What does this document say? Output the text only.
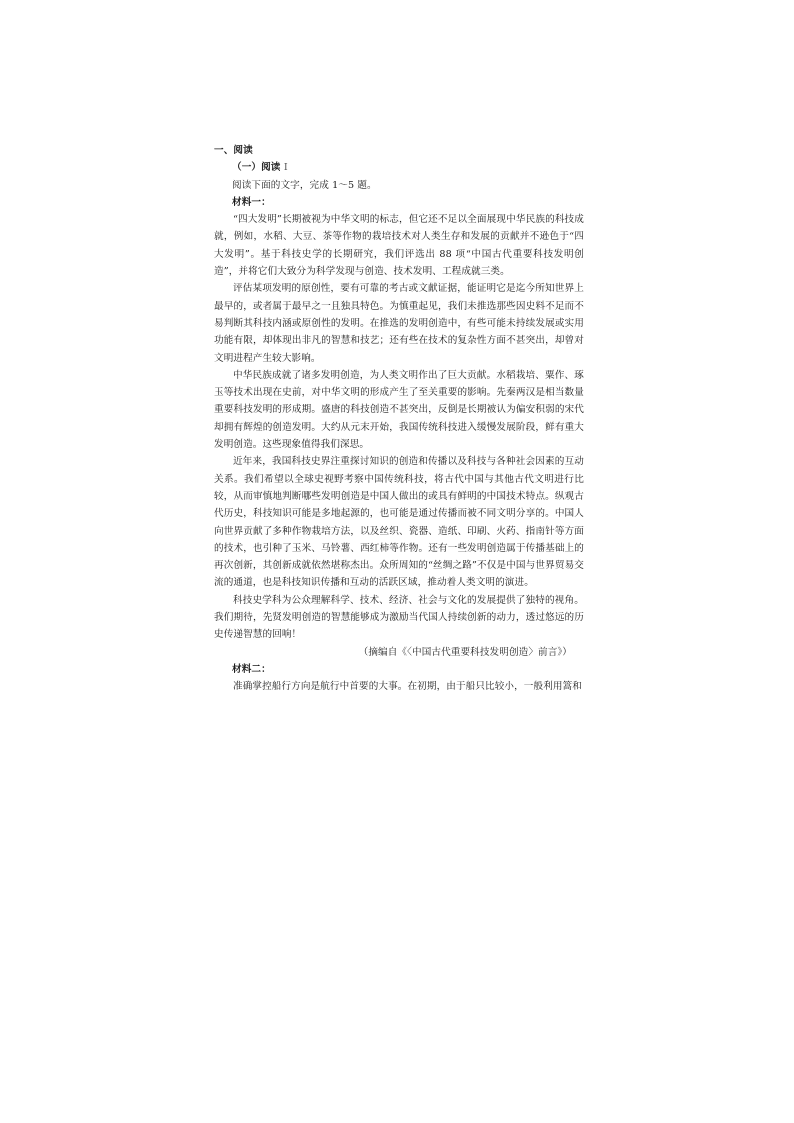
一、阅读
（一）阅读 I
阅读下面的文字，完成 1～5 题。
材料一：

“四大发明”长期被视为中华文明的标志，但它还不足以全面展现中华民族的科技成就，例如，水稻、大豆、茶等作物的栽培技术对人类生存和发展的贡献并不逊色于“四大发明”。基于科技史学的长期研究，我们评选出 88 项“中国古代重要科技发明创造”，并将它们大致分为科学发现与创造、技术发明、工程成就三类。

评估某项发明的原创性，要有可靠的考古或文献证据，能证明它是迄今所知世界上最早的，或者属于最早之一且独具特色。为慎重起见，我们未推选那些因史料不足而不易判断其科技内涵或原创性的发明。在推选的发明创造中，有些可能未持续发展或实用功能有限，却体现出非凡的智慧和技艺；还有些在技术的复杂性方面不甚突出，却曾对文明进程产生较大影响。

中华民族成就了诸多发明创造，为人类文明作出了巨大贡献。水稻栽培、粟作、琢玉等技术出现在史前，对中华文明的形成产生了至关重要的影响。先秦两汉是相当数量重要科技发明的形成期。盛唐的科技创造不甚突出，反倒是长期被认为偏安积弱的宋代却拥有辉煌的创造发明。大约从元末开始，我国传统科技进入缓慢发展阶段，鲜有重大发明创造。这些现象值得我们深思。

近年来，我国科技史界注重探讨知识的创造和传播以及科技与各种社会因素的互动关系。我们希望以全球史视野考察中国传统科技，将古代中国与其他古代文明进行比较，从而审慎地判断哪些发明创造是中国人做出的或具有鲜明的中国技术特点。纵观古代历史，科技知识可能是多地起源的，也可能是通过传播而被不同文明分享的。中国人向世界贡献了多种作物栽培方法，以及丝织、瓷器、造纸、印刷、火药、指南针等方面的技术，也引种了玉米、马铃薯、西红柿等作物。还有一些发明创造属于传播基础上的再次创新，其创新成就依然堪称杰出。众所周知的“丝绸之路”不仅是中国与世界贸易交流的通道，也是科技知识传播和互动的活跃区域，推动着人类文明的演进。

科技史学科为公众理解科学、技术、经济、社会与文化的发展提供了独特的视角。我们期待，先贤发明创造的智慧能够成为激励当代国人持续创新的动力，透过悠远的历史传递智慧的回响！

（摘编自《〈中国古代重要科技发明创造〉前言》）
材料二：

准确掌控船行方向是航行中首要的大事。在初期，由于船只比较小，一般利用篙和
